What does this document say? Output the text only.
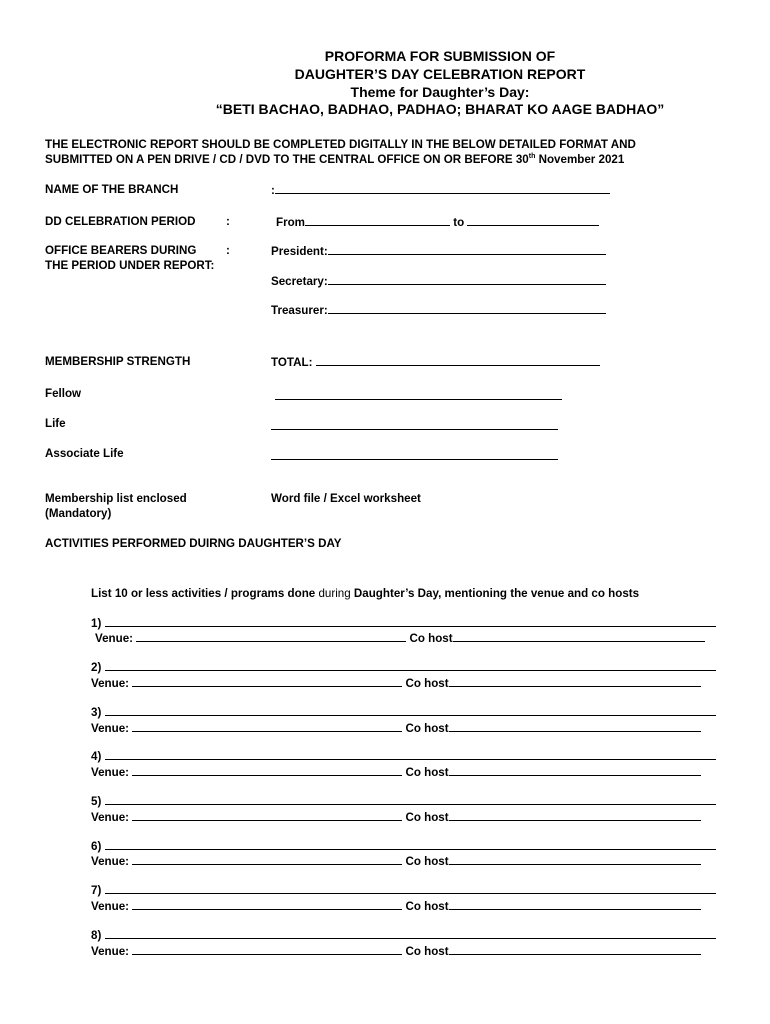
PROFORMA FOR SUBMISSION OF
DAUGHTER’S DAY CELEBRATION REPORT
Theme for Daughter’s Day:
“BETI BACHAO, BADHAO, PADHAO; BHARAT KO AAGE BADHAO”
THE ELECTRONIC REPORT SHOULD BE COMPLETED DIGITALLY IN THE BELOW DETAILED FORMAT AND
SUBMITTED ON A PEN DRIVE / CD / DVD TO THE CENTRAL OFFICE ON OR BEFORE 30th November 2021
NAME OF THE BRANCH	:
DD CELEBRATION PERIOD	:	From	to
OFFICE BEARERS DURING	:
THE PERIOD UNDER REPORT:
President:
Secretary:
Treasurer:
MEMBERSHIP STRENGTH	TOTAL:
Fellow
Life
Associate Life
Membership list enclosed
(Mandatory)
Word file / Excel worksheet
ACTIVITIES PERFORMED DUIRNG DAUGHTER’S DAY
List 10 or less activities / programs done during Daughter’s Day, mentioning the venue and co hosts
1)
Venue:	Co host
2)
Venue:	Co host
3)
Venue:	Co host
4)
Venue:	Co host
5)
Venue:	Co host
6)
Venue:	Co host
7)
Venue:	Co host
8)
Venue:	Co host
